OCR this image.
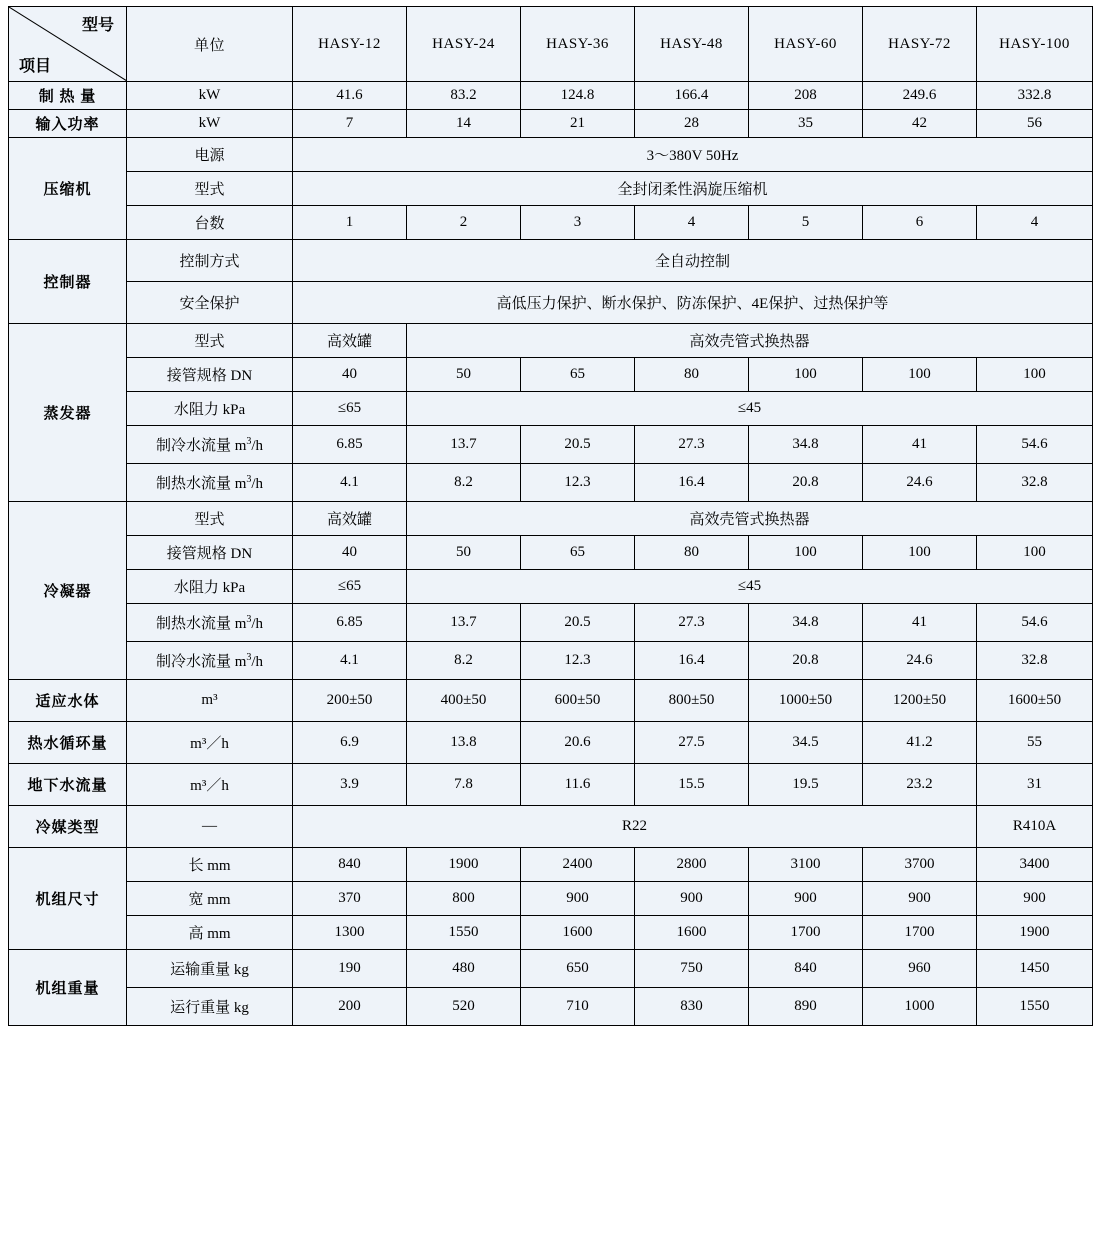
型号
项目	单位	HASY-12	HASY-24	HASY-36	HASY-48	HASY-60	HASY-72	HASY-100
制 热 量	kW	41.6	83.2	124.8	166.4	208	249.6	332.8
输入功率	kW	7	14	21	28	35	42	56
压缩机	电源	3～380V 50Hz						
	型式	全封闭柔性涡旋压缩机						
	台数	1	2	3	4	5	6	4
控制器	控制方式	全自动控制						
	安全保护	高低压力保护、断水保护、防冻保护、4E保护、过热保护等						
蒸发器	型式	高效罐	高效壳管式换热器					
	接管规格 DN	40	50	65	80	100	100	100
	水阻力 kPa	≤65	≤45					
	制冷水流量 $m^3/h$	6.85	13.7	20.5	27.3	34.8	41	54.6
	制热水流量 $m^3/h$	4.1	8.2	12.3	16.4	20.8	24.6	32.8
冷凝器	型式	高效罐	高效壳管式换热器					
	接管规格 DN	40	50	65	80	100	100	100
	水阻力 kPa	≤65	≤45					
	制热水流量 $m^3/h$	6.85	13.7	20.5	27.3	34.8	41	54.6
	制冷水流量 $m^3/h$	4.1	8.2	12.3	16.4	20.8	24.6	32.8
适应水体	m³	200±50	400±50	600±50	800±50	1000±50	1200±50	1600±50
热水循环量	m³／h	6.9	13.8	20.6	27.5	34.5	41.2	55
地下水流量	m³／h	3.9	7.8	11.6	15.5	19.5	23.2	31
冷媒类型	—	R22						R410A
机组尺寸	长 mm	840	1900	2400	2800	3100	3700	3400
	宽 mm	370	800	900	900	900	900	900
	高 mm	1300	1550	1600	1600	1700	1700	1900
机组重量	运输重量 kg	190	480	650	750	840	960	1450
	运行重量 kg	200	520	710	830	890	1000	1550
